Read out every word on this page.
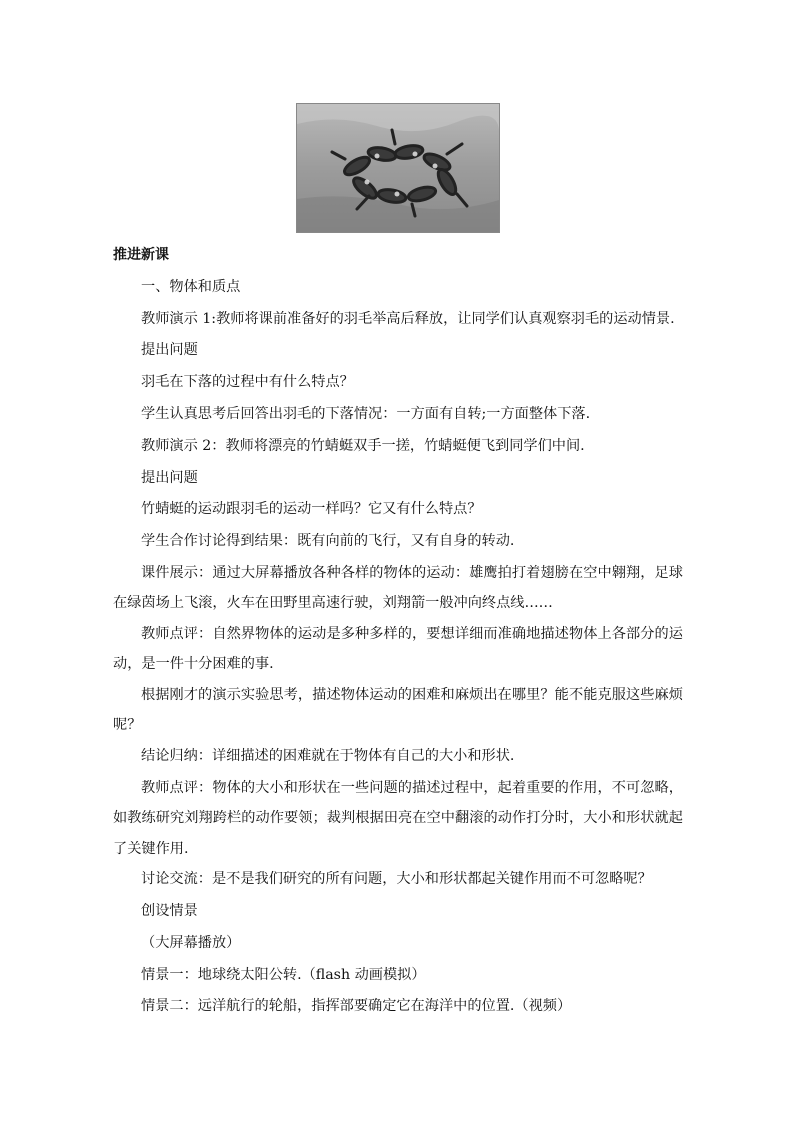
推进新课

一、物体和质点

教师演示 1:教师将课前准备好的羽毛举高后释放，让同学们认真观察羽毛的运动情景.

提出问题

羽毛在下落的过程中有什么特点？

学生认真思考后回答出羽毛的下落情况：一方面有自转;一方面整体下落.

教师演示 2：教师将漂亮的竹蜻蜓双手一搓，竹蜻蜓便飞到同学们中间.

提出问题

竹蜻蜓的运动跟羽毛的运动一样吗？它又有什么特点？

学生合作讨论得到结果：既有向前的飞行，又有自身的转动.

课件展示：通过大屏幕播放各种各样的物体的运动：雄鹰拍打着翅膀在空中翱翔，足球在绿茵场上飞滚，火车在田野里高速行驶，刘翔箭一般冲向终点线……

教师点评：自然界物体的运动是多种多样的，要想详细而准确地描述物体上各部分的运动，是一件十分困难的事.

根据刚才的演示实验思考，描述物体运动的困难和麻烦出在哪里？能不能克服这些麻烦呢？

结论归纳：详细描述的困难就在于物体有自己的大小和形状.

教师点评：物体的大小和形状在一些问题的描述过程中，起着重要的作用，不可忽略，如教练研究刘翔跨栏的动作要领；裁判根据田亮在空中翻滚的动作打分时，大小和形状就起了关键作用.

讨论交流：是不是我们研究的所有问题，大小和形状都起关键作用而不可忽略呢？

创设情景

（大屏幕播放）

情景一：地球绕太阳公转.（flash 动画模拟）

情景二：远洋航行的轮船，指挥部要确定它在海洋中的位置.（视频）
